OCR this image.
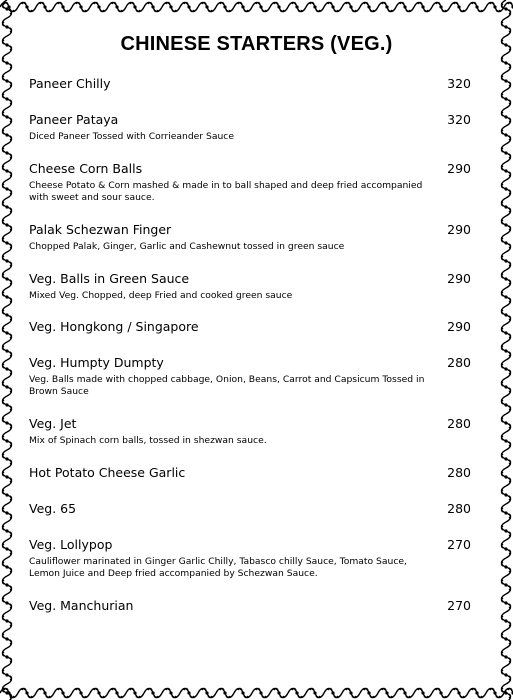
CHINESE STARTERS (VEG.)
Paneer Chilly	320
Paneer Pataya	320
Diced Paneer Tossed with Corrieander Sauce
Cheese Corn Balls	290
Cheese Potato & Corn mashed & made in to ball shaped and deep fried accompanied with sweet and sour sauce.
Palak Schezwan Finger	290
Chopped Palak, Ginger, Garlic and Cashewnut tossed in green sauce
Veg. Balls in Green Sauce	290
Mixed Veg. Chopped, deep Fried and cooked green sauce
Veg. Hongkong / Singapore	290
Veg. Humpty Dumpty	280
Veg. Balls made with chopped cabbage, Onion, Beans, Carrot and Capsicum Tossed in Brown Sauce
Veg. Jet	280
Mix of Spinach corn balls, tossed in shezwan sauce.
Hot Potato Cheese Garlic	280
Veg. 65	280
Veg. Lollypop	270
Cauliflower marinated in Ginger Garlic Chilly, Tabasco chilly Sauce, Tomato Sauce, Lemon Juice and Deep fried accompanied by Schezwan Sauce.
Veg. Manchurian	270
